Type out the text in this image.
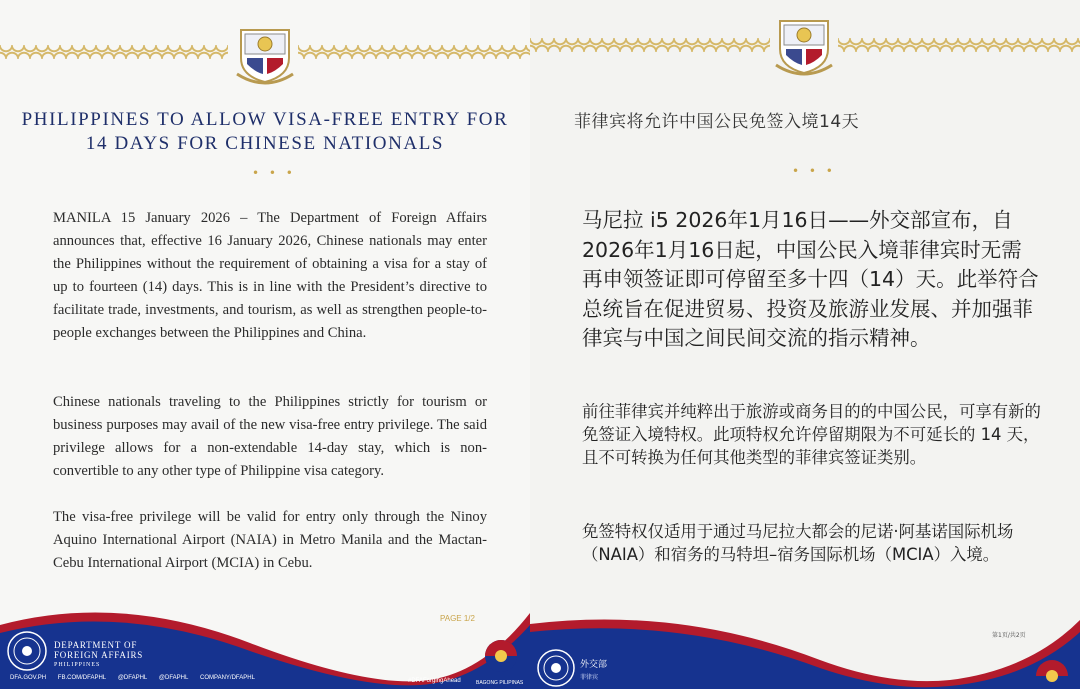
PHILIPPINES TO ALLOW VISA-FREE ENTRY FOR
14 DAYS FOR CHINESE NATIONALS
• • •

MANILA 15 January 2026 – The Department of Foreign Affairs announces that, effective 16 January 2026, Chinese nationals may enter the Philippines without the requirement of obtaining a visa for a stay of up to fourteen (14) days. This is in line with the President’s directive to facilitate trade, investments, and tourism, as well as strengthen people-to-people exchanges between the Philippines and China.

Chinese nationals traveling to the Philippines strictly for tourism or business purposes may avail of the new visa-free entry privilege. The said privilege allows for a non-extendable 14-day stay, which is non-convertible to any other type of Philippine visa category.

The visa-free privilege will be valid for entry only through the Ninoy Aquino International Airport (NAIA) in Metro Manila and the Mactan-Cebu International Airport (MCIA) in Cebu.

PAGE 1/2
DEPARTMENT OF
FOREIGN AFFAIRS
PHILIPPINES
DFA.GOV.PH FB.COM/DFAPHL @DFAPHL @DFAPHL COMPANY/DFAPHL	#DFAForgingAhead	BAGONG PILIPINAS
菲律宾将允许中国公民免签入境14天
• • •

马尼拉 i5 2026年1月16日——外交部宣布，自2026年1月16日起，中国公民入境菲律宾时无需再申领签证即可停留至多十四（14）天。此举符合总统旨在促进贸易、投资及旅游业发展、并加强菲律宾与中国之间民间交流的指示精神。

前往菲律宾并纯粹出于旅游或商务目的的中国公民，可享有新的免签证入境特权。此项特权允许停留期限为不可延长的 14 天，且不可转换为任何其他类型的菲律宾签证类别。

免签特权仅适用于通过马尼拉大都会的尼诺·阿基诺国际机场（NAIA）和宿务的马特坦–宿务国际机场（MCIA）入境。

第1页/共2页
外交部
菲律宾
